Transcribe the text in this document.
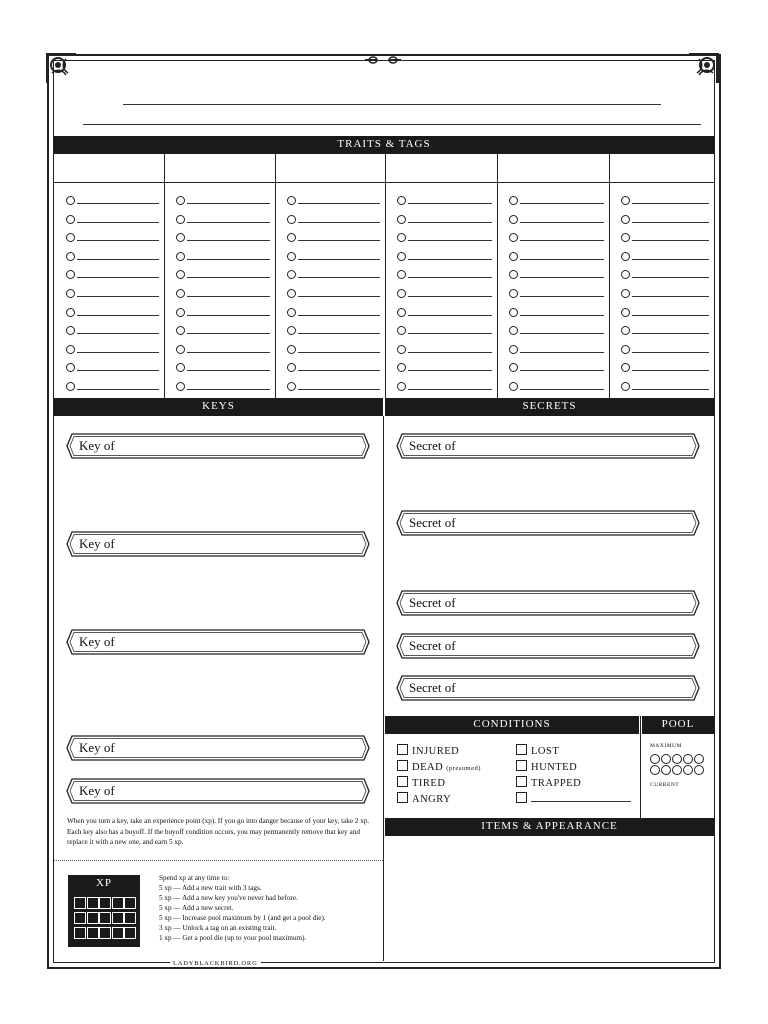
TRAITS & TAGS
KEYS	SECRETS
When you turn a key, take an experience point (xp). If you go into danger because of your key, take 2 xp. Each key also has a buyoff. If the buyoff condition occurs, you may permanently remove that key and replace it with a new one, and earn 5 xp.
XP	Spend xp at any time to:
5 xp — Add a new trait with 3 tags.
5 xp — Add a new key you've never had before.
5 xp — Add a new secret.
5 xp — Increase pool maximum by 1 (and get a pool die).
3 xp — Unlock a tag on an existing trait.
1 xp — Get a pool die (up to your pool maximum).
CONDITIONS	POOL
INJURED
DEAD (presumed)
TIRED
ANGRY
LOST
HUNTED
TRAPPED
MAXIMUM
CURRENT
ITEMS & APPEARANCE
LADYBLACKBIRD.ORG
Key of
Key of
Key of
Key of
Key of
Secret of
Secret of
Secret of
Secret of
Secret of
